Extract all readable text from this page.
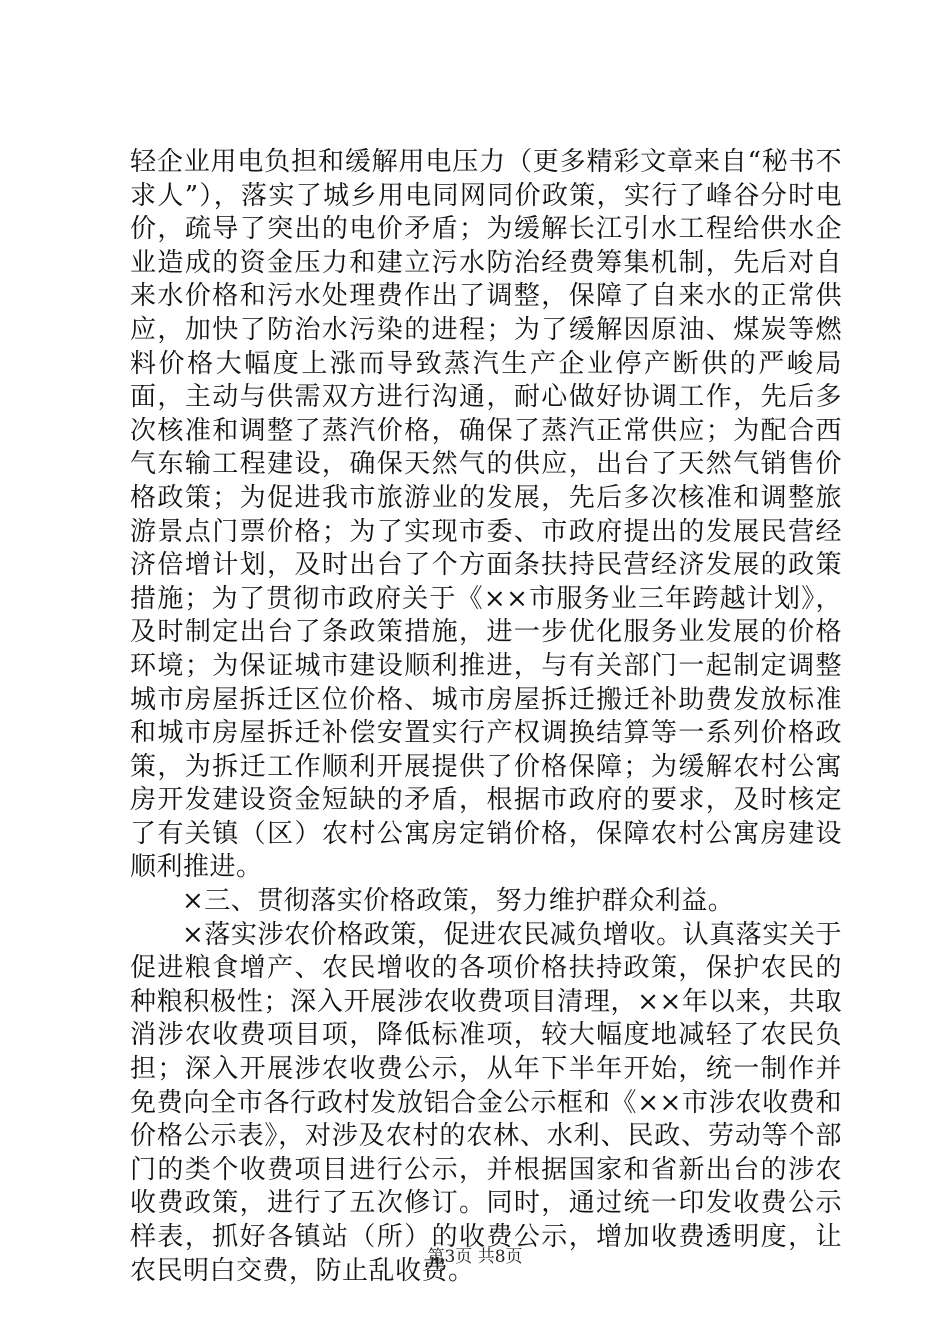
轻企业用电负担和缓解用电压力（更多精彩文章来自“秘书不求人”），落实了城乡用电同网同价政策，实行了峰谷分时电价，疏导了突出的电价矛盾；为缓解长江引水工程给供水企业造成的资金压力和建立污水防治经费筹集机制，先后对自来水价格和污水处理费作出了调整，保障了自来水的正常供应，加快了防治水污染的进程；为了缓解因原油、煤炭等燃料价格大幅度上涨而导致蒸汽生产企业停产断供的严峻局面，主动与供需双方进行沟通，耐心做好协调工作，先后多次核准和调整了蒸汽价格，确保了蒸汽正常供应；为配合西气东输工程建设，确保天然气的供应，出台了天然气销售价格政策；为促进我市旅游业的发展，先后多次核准和调整旅游景点门票价格；为了实现市委、市政府提出的发展民营经济倍增计划，及时出台了个方面条扶持民营经济发展的政策措施；为了贯彻市政府关于《××市服务业三年跨越计划》，及时制定出台了条政策措施，进一步优化服务业发展的价格环境；为保证城市建设顺利推进，与有关部门一起制定调整城市房屋拆迁区位价格、城市房屋拆迁搬迁补助费发放标准和城市房屋拆迁补偿安置实行产权调换结算等一系列价格政策，为拆迁工作顺利开展提供了价格保障；为缓解农村公寓房开发建设资金短缺的矛盾，根据市政府的要求，及时核定了有关镇（区）农村公寓房定销价格，保障农村公寓房建设顺利推进。

×三、贯彻落实价格政策，努力维护群众利益。

×落实涉农价格政策，促进农民减负增收。认真落实关于促进粮食增产、农民增收的各项价格扶持政策，保护农民的种粮积极性；深入开展涉农收费项目清理，××年以来，共取消涉农收费项目项，降低标准项，较大幅度地减轻了农民负担；深入开展涉农收费公示，从年下半年开始，统一制作并免费向全市各行政村发放铝合金公示框和《××市涉农收费和价格公示表》，对涉及农村的农林、水利、民政、劳动等个部门的类个收费项目进行公示，并根据国家和省新出台的涉农收费政策，进行了五次修订。同时，通过统一印发收费公示样表，抓好各镇站（所）的收费公示，增加收费透明度，让农民明白交费，防止乱收费。

第3页 共8页
